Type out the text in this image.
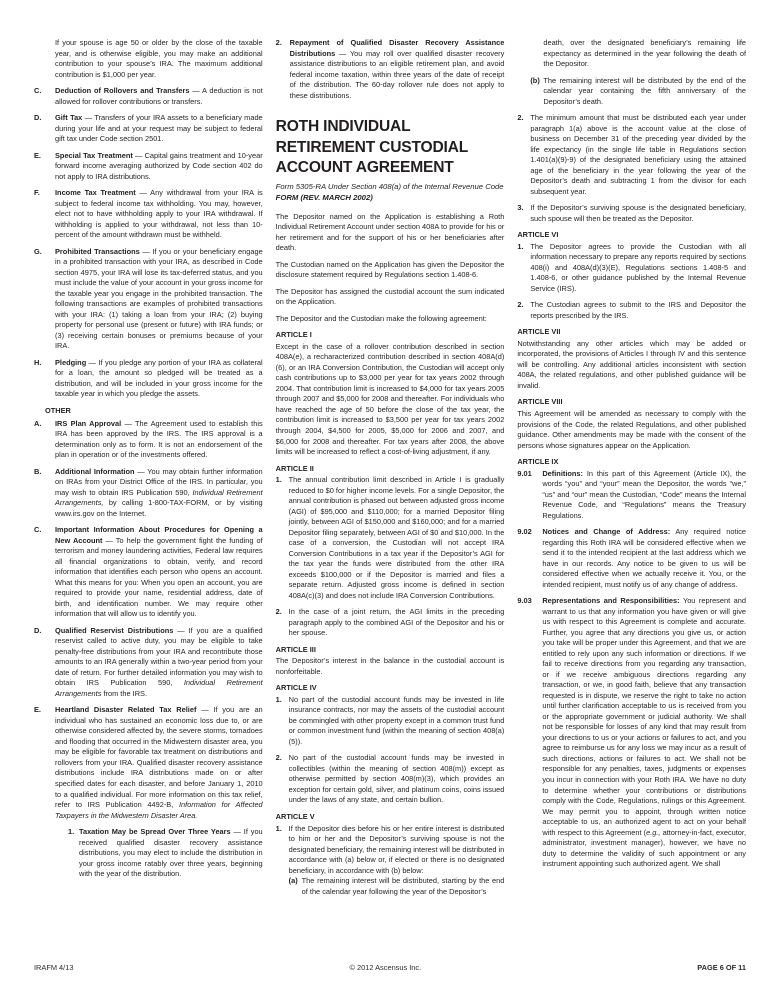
If your spouse is age 50 or older by the close of the taxable year, and is otherwise eligible, you may make an additional contribution to your spouse’s IRA. The maximum additional contribution is $1,000 per year.
C.	Deduction of Rollovers and Transfers — A deduction is not allowed for rollover contributions or transfers.
D.	Gift Tax — Transfers of your IRA assets to a beneficiary made during your life and at your request may be subject to federal gift tax under Code section 2501.
E.	Special Tax Treatment — Capital gains treatment and 10-year forward income averaging authorized by Code section 402 do not apply to IRA distributions.
F.	Income Tax Treatment — Any withdrawal from your IRA is subject to federal income tax withholding. You may, however, elect not to have withholding apply to your IRA withdrawal. If withholding is applied to your withdrawal, not less than 10-percent of the amount withdrawn must be withheld.
G.	Prohibited Transactions — If you or your beneficiary engage in a prohibited transaction with your IRA, as described in Code section 4975, your IRA will lose its tax-deferred status, and you must include the value of your account in your gross income for the taxable year you engage in the prohibited transaction. The following transactions are examples of prohibited transactions with your IRA: (1) taking a loan from your IRA; (2) buying property for personal use (present or future) with IRA funds; or (3) receiving certain bonuses or premiums because of your IRA.
H.	Pledging — If you pledge any portion of your IRA as collateral for a loan, the amount so pledged will be treated as a distribution, and will be included in your gross income for the taxable year in which you pledge the assets.
OTHER
A.	IRS Plan Approval — The Agreement used to establish this IRA has been approved by the IRS. The IRS approval is a determination only as to form. It is not an endorsement of the plan in operation or of the investments offered.
B.	Additional Information — You may obtain further information on IRAs from your District Office of the IRS. In particular, you may wish to obtain IRS Publication 590, Individual Retirement Arrangements, by calling 1-800-TAX-FORM, or by visiting www.irs.gov on the Internet.
C.	Important Information About Procedures for Opening a New Account — To help the government fight the funding of terrorism and money laundering activities, Federal law requires all financial organizations to obtain, verify, and record information that identifies each person who opens an account. What this means for you: When you open an account, you are required to provide your name, residential address, date of birth, and identification number. We may require other information that will allow us to identify you.
D.	Qualified Reservist Distributions — If you are a qualified reservist called to active duty, you may be eligible to take penalty-free distributions from your IRA and recontribute those amounts to an IRA generally within a two-year period from your date of return. For further detailed information you may wish to obtain IRS Publication 590, Individual Retirement Arrangements from the IRS.
E.	Heartland Disaster Related Tax Relief — If you are an individual who has sustained an economic loss due to, or are otherwise considered affected by, the severe storms, tornadoes and flooding that occurred in the Midwestern disaster area, you may be eligible for favorable tax treatment on distributions and rollovers from your IRA. Qualified disaster recovery assistance distributions include IRA distributions made on or after specified dates for each disaster, and before January 1, 2010 to a qualified individual. For more information on this tax relief, refer to IRS Publication 4492-B, Information for Affected Taxpayers in the Midwestern Disaster Area.
1. Taxation May be Spread Over Three Years — If you received qualified disaster recovery assistance distributions, you may elect to include the distribution in your gross income ratably over three years, beginning with the year of the distribution.
2.	Repayment of Qualified Disaster Recovery Assistance Distributions — You may roll over qualified disaster recovery assistance distributions to an eligible retirement plan, and avoid federal income taxation, within three years of the date of receipt of the distribution. The 60-day rollover rule does not apply to these distributions.
ROTH INDIVIDUAL
RETIREMENT CUSTODIAL
ACCOUNT AGREEMENT
Form 5305-RA Under Section 408(a) of the Internal Revenue Code FORM (REV. MARCH 2002)
The Depositor named on the Application is establishing a Roth Individual Retirement Account under section 408A to provide for his or her retirement and for the support of his or her beneficiaries after death.
The Custodian named on the Application has given the Depositor the disclosure statement required by Regulations section 1.408-6.
The Depositor has assigned the custodial account the sum indicated on the Application.
The Depositor and the Custodian make the following agreement:
ARTICLE I
Except in the case of a rollover contribution described in section 408A(e), a recharacterized contribution described in section 408A(d)(6), or an IRA Conversion Contribution, the Custodian will accept only cash contributions up to $3,000 per year for tax years 2002 through 2004. That contribution limit is increased to $4,000 for tax years 2005 through 2007 and $5,000 for 2008 and thereafter. For individuals who have reached the age of 50 before the close of the tax year, the contribution limit is increased to $3,500 per year for tax years 2002 through 2004, $4,500 for 2005, $5,000 for 2006 and 2007, and $6,000 for 2008 and thereafter. For tax years after 2008, the above limits will be increased to reflect a cost-of-living adjustment, if any.
ARTICLE II
1. The annual contribution limit described in Article I is gradually reduced to $0 for higher income levels. For a single Depositor, the annual contribution is phased out between adjusted gross income (AGI) of $95,000 and $110,000; for a married Depositor filing jointly, between AGI of $150,000 and $160,000; and for a married Depositor filing separately, between AGI of $0 and $10,000. In the case of a conversion, the Custodian will not accept IRA Conversion Contributions in a tax year if the Depositor’s AGI for the tax year the funds were distributed from the other IRA exceeds $100,000 or if the Depositor is married and files a separate return. Adjusted gross income is defined in section 408A(c)(3) and does not include IRA Conversion Contributions.
2. In the case of a joint return, the AGI limits in the preceding paragraph apply to the combined AGI of the Depositor and his or her spouse.
ARTICLE III
The Depositor’s interest in the balance in the custodial account is nonforfeitable.
ARTICLE IV
1. No part of the custodial account funds may be invested in life insurance contracts, nor may the assets of the custodial account be commingled with other property except in a common trust fund or common investment fund (within the meaning of section 408(a)(5)).
2. No part of the custodial account funds may be invested in collectibles (within the meaning of section 408(m)) except as otherwise permitted by section 408(m)(3), which provides an exception for certain gold, silver, and platinum coins, coins issued under the laws of any state, and certain bullion.
ARTICLE V
1. If the Depositor dies before his or her entire interest is distributed to him or her and the Depositor’s surviving spouse is not the designated beneficiary, the remaining interest will be distributed in accordance with (a) below or, if elected or there is no designated beneficiary, in accordance with (b) below:
(a) The remaining interest will be distributed, starting by the end of the calendar year following the year of the Depositor’s
death, over the designated beneficiary’s remaining life expectancy as determined in the year following the death of the Depositor.
(b) The remaining interest will be distributed by the end of the calendar year containing the fifth anniversary of the Depositor’s death.
2. The minimum amount that must be distributed each year under paragraph 1(a) above is the account value at the close of business on December 31 of the preceding year divided by the life expectancy (in the single life table in Regulations section 1.401(a)(9)-9) of the designated beneficiary using the attained age of the beneficiary in the year following the year of the Depositor’s death and subtracting 1 from the divisor for each subsequent year.
3. If the Depositor’s surviving spouse is the designated beneficiary, such spouse will then be treated as the Depositor.
ARTICLE VI
1. The Depositor agrees to provide the Custodian with all information necessary to prepare any reports required by sections 408(i) and 408A(d)(3)(E), Regulations sections 1.408-5 and 1.408-6, or other guidance published by the Internal Revenue Service (IRS).
2. The Custodian agrees to submit to the IRS and Depositor the reports prescribed by the IRS.
ARTICLE VII
Notwithstanding any other articles which may be added or incorporated, the provisions of Articles I through IV and this sentence will be controlling. Any additional articles inconsistent with section 408A, the related regulations, and other published guidance will be invalid.
ARTICLE VIII
This Agreement will be amended as necessary to comply with the provisions of the Code, the related Regulations, and other published guidance. Other amendments may be made with the consent of the persons whose signatures appear on the Application.
ARTICLE IX
9.01	Definitions: In this part of this Agreement (Article IX), the words “you” and “your” mean the Depositor, the words “we,” “us” and “our” mean the Custodian, “Code” means the Internal Revenue Code, and “Regulations” means the Treasury Regulations.
9.02	Notices and Change of Address: Any required notice regarding this Roth IRA will be considered effective when we send it to the intended recipient at the last address which we have in our records. Any notice to be given to us will be considered effective when we actually receive it. You, or the intended recipient, must notify us of any change of address.
9.03	Representations and Responsibilities: You represent and warrant to us that any information you have given or will give us with respect to this Agreement is complete and accurate. Further, you agree that any directions you give us, or action you take will be proper under this Agreement, and that we are entitled to rely upon any such information or directions. If we fail to receive directions from you regarding any transaction, or if we receive ambiguous directions regarding any transaction, or we, in good faith, believe that any transaction requested is in dispute, we reserve the right to take no action until further clarification acceptable to us is received from you or the appropriate government or judicial authority. We shall not be responsible for losses of any kind that may result from your directions to us or your actions or failures to act, and you agree to reimburse us for any loss we may incur as a result of such directions, actions or failures to act. We shall not be responsible for any penalties, taxes, judgments or expenses you incur in connection with your Roth IRA. We have no duty to determine whether your contributions or distributions comply with the Code, Regulations, rulings or this Agreement. We may permit you to appoint, through written notice acceptable to us, an authorized agent to act on your behalf with respect to this Agreement (e.g., attorney-in-fact, executor, administrator, investment manager), however, we have no duty to determine the validity of such appointment or any instrument appointing such authorized agent. We shall
IRAFM 4/13	© 2012 Ascensus Inc.	PAGE 6 OF 11
